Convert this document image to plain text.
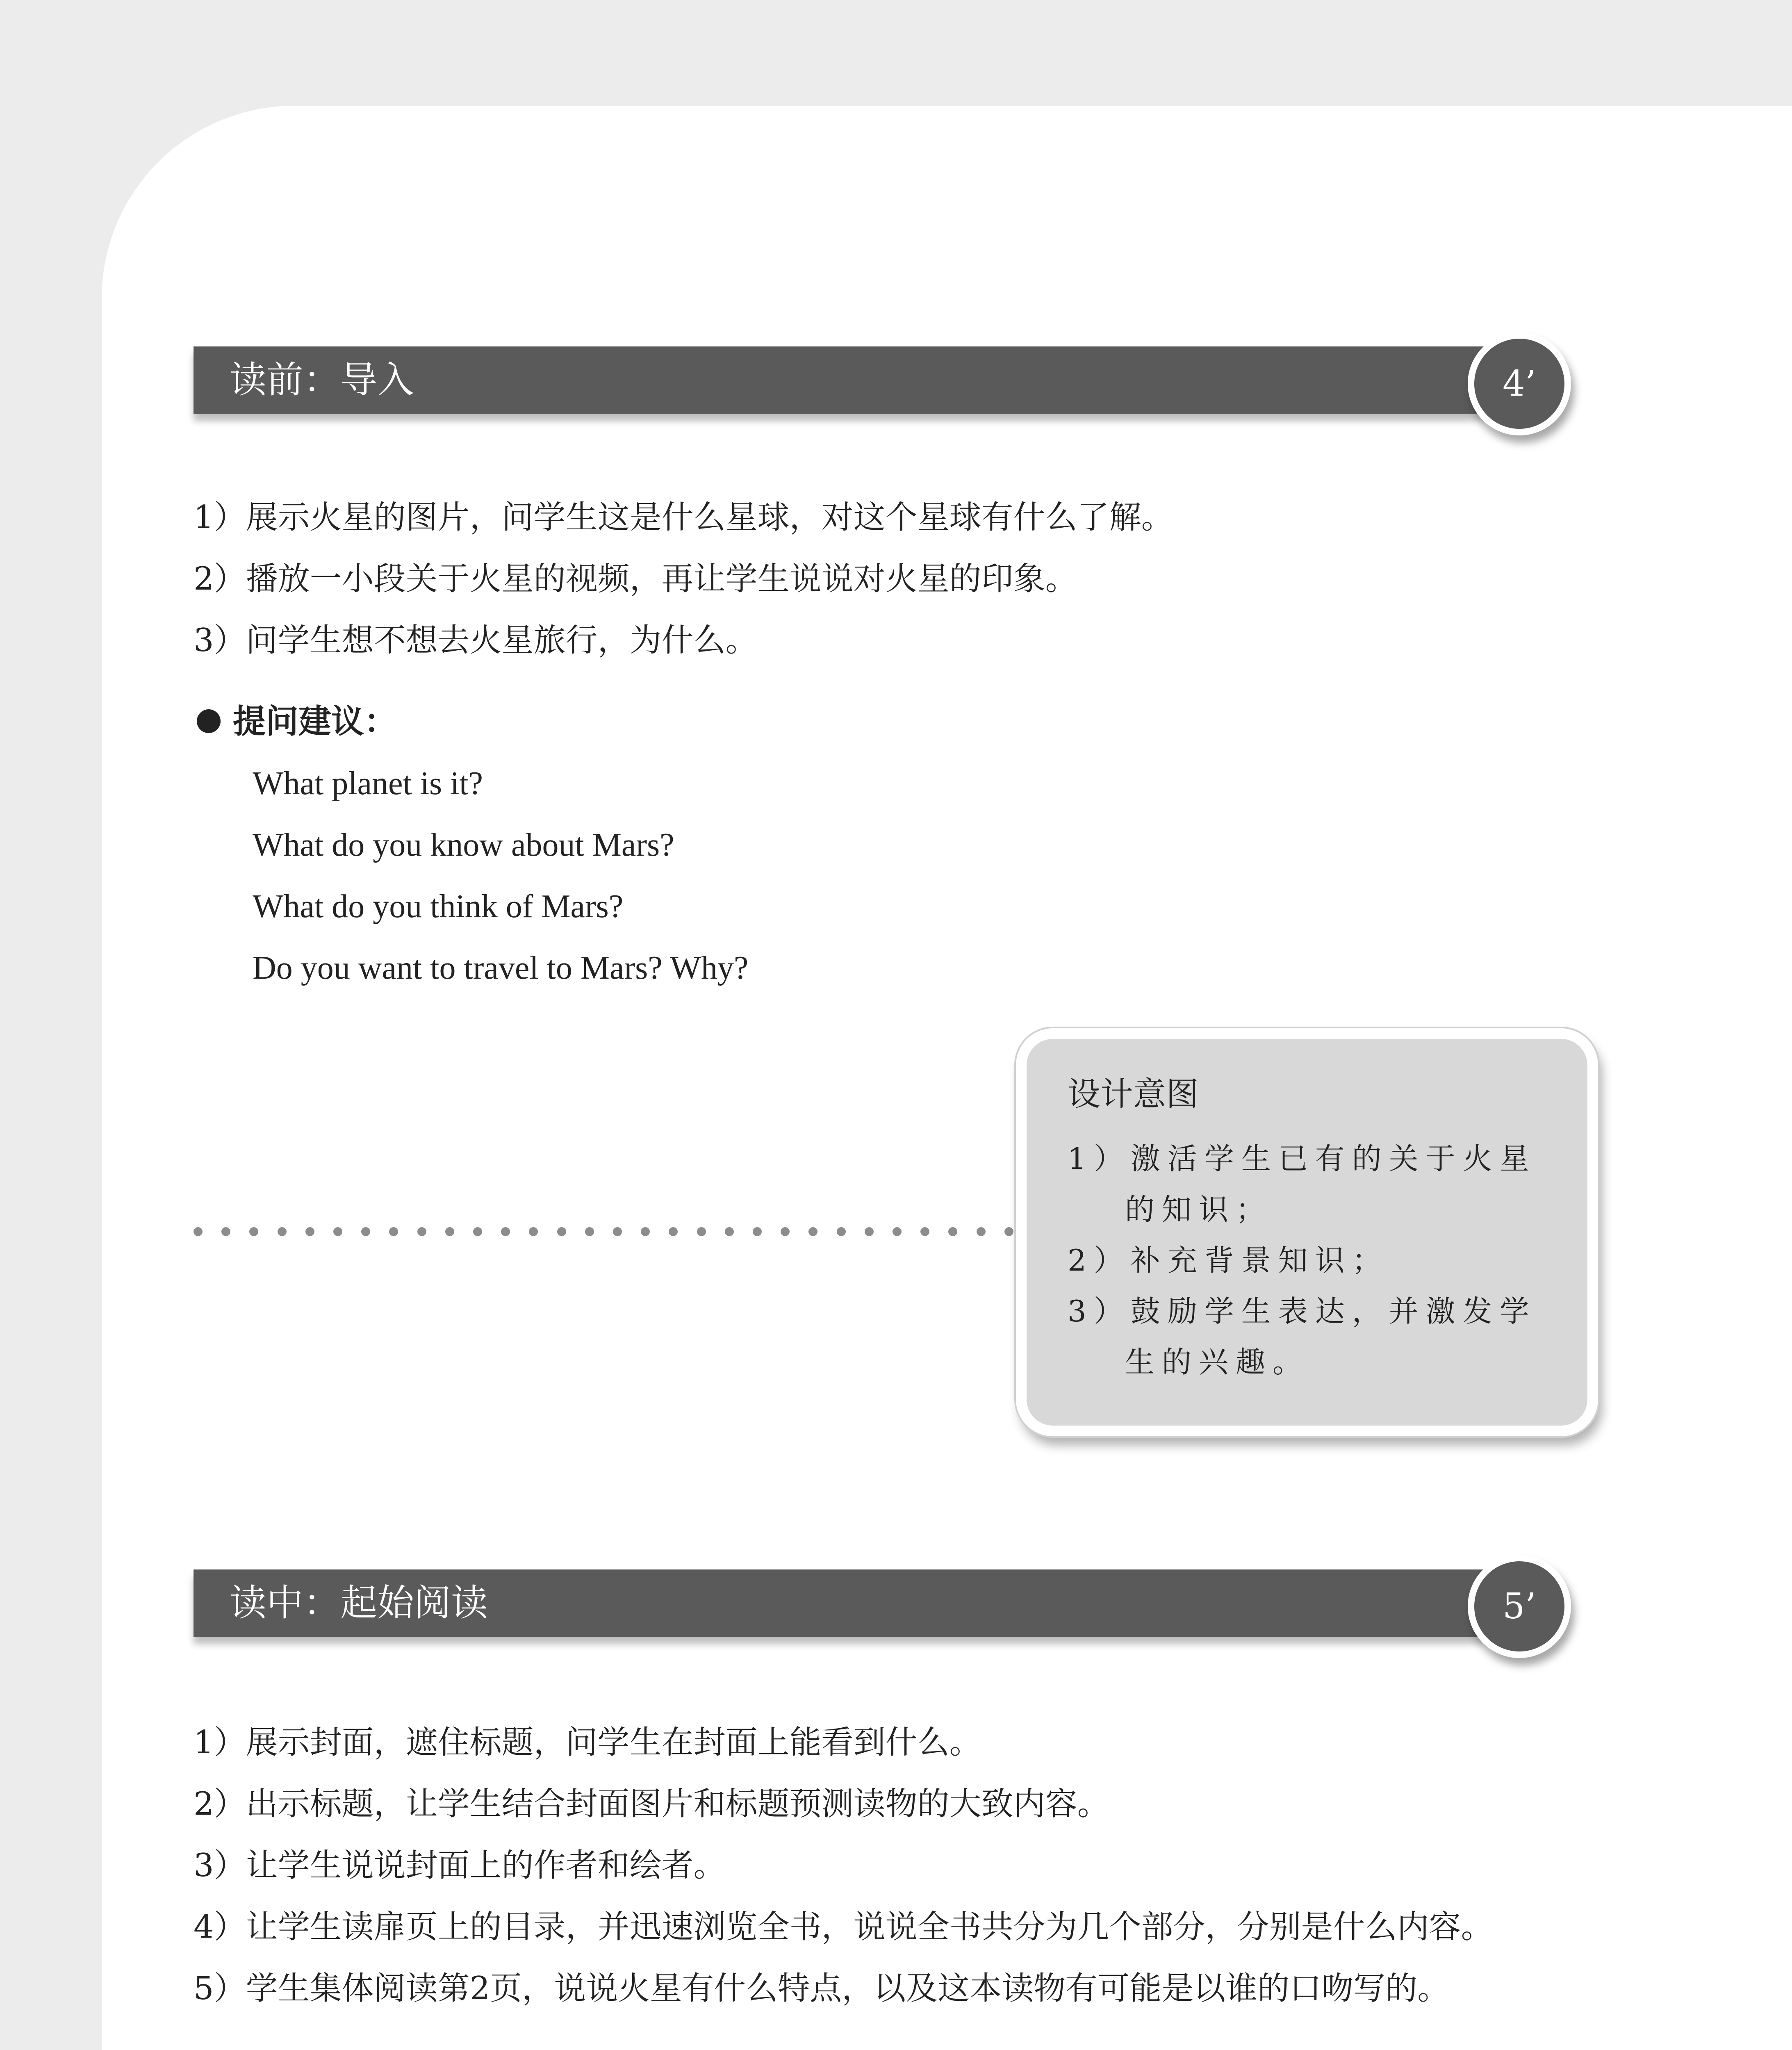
读前：导入	4’
1）展示火星的图片，问学生这是什么星球，对这个星球有什么了解。
2）播放一小段关于火星的视频，再让学生说说对火星的印象。
3）问学生想不想去火星旅行，为什么。
提问建议：
What planet is it?
What do you know about Mars?
What do you think of Mars?
Do you want to travel to Mars? Why?
设计意图
1）激活学生已有的关于火星的知识；
2）补充背景知识；
3）鼓励学生表达，并激发学生的兴趣。
读中：起始阅读	5’
1）展示封面，遮住标题，问学生在封面上能看到什么。
2）出示标题，让学生结合封面图片和标题预测读物的大致内容。
3）让学生说说封面上的作者和绘者。
4）让学生读扉页上的目录，并迅速浏览全书，说说全书共分为几个部分，分别是什么内容。
5）学生集体阅读第2页，说说火星有什么特点，以及这本读物有可能是以谁的口吻写的。
